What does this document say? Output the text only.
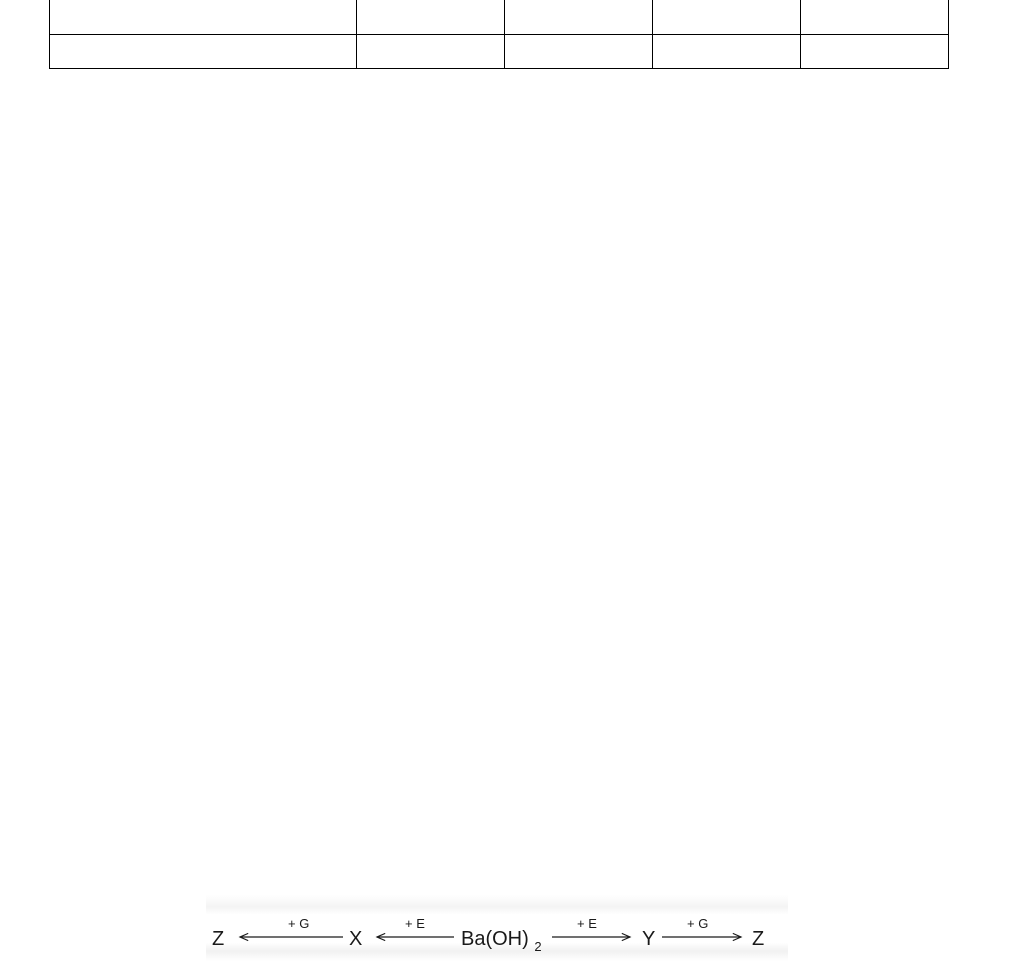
Z
+ G
X
+ E
Ba(OH) $_2$
+ E
Y
+ G
Z
